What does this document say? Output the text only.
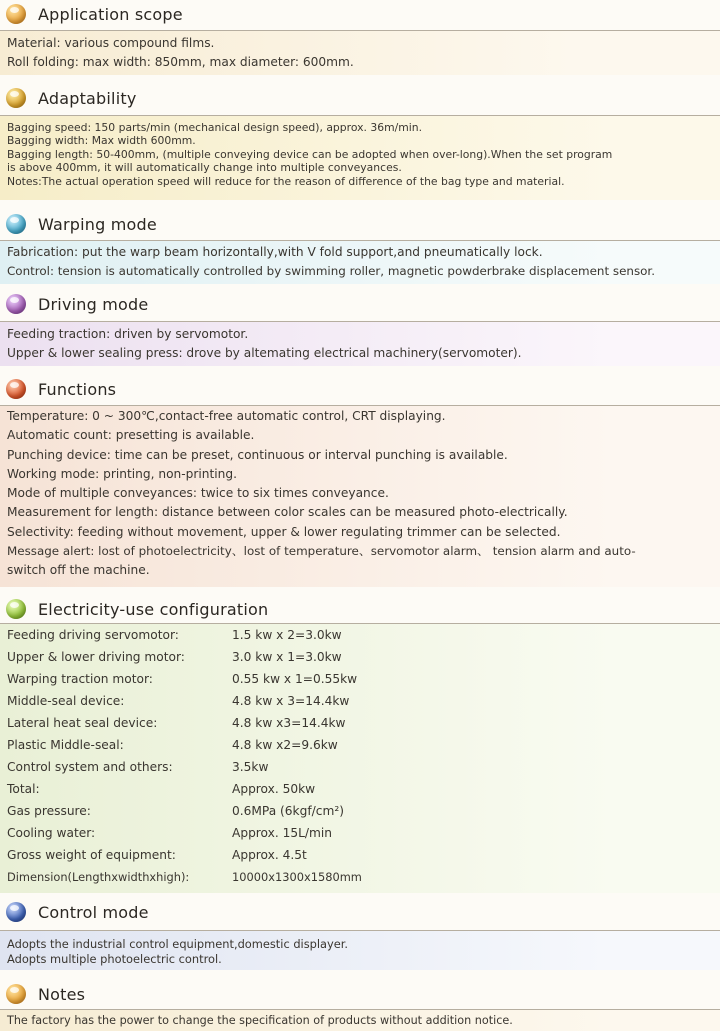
Application scope
Material: various compound films.
Roll folding: max width: 850mm, max diameter: 600mm.
Adaptability
Bagging speed: 150 parts/min (mechanical design speed), approx. 36m/min.
Bagging width: Max width 600mm.
Bagging length: 50-400mm, (multiple conveying device can be adopted when over-long).When the set program
is above 400mm, it will automatically change into multiple conveyances.
Notes:The actual operation speed will reduce for the reason of difference of the bag type and material.
Warping mode
Fabrication: put the warp beam horizontally,with V fold support,and pneumatically lock.
Control: tension is automatically controlled by swimming roller, magnetic powderbrake displacement sensor.
Driving mode
Feeding traction: driven by servomotor.
Upper & lower sealing press: drove by altemating electrical machinery(servomoter).
Functions
Temperature: 0 ~ 300℃,contact-free automatic control, CRT displaying.
Automatic count: presetting is available.
Punching device: time can be preset, continuous or interval punching is available.
Working mode: printing, non-printing.
Mode of multiple conveyances: twice to six times conveyance.
Measurement for length: distance between color scales can be measured photo-electrically.
Selectivity: feeding without movement, upper & lower regulating trimmer can be selected.
Message alert: lost of photoelectricity、lost of temperature、servomotor alarm、 tension alarm and auto-
switch off the machine.
Electricity-use configuration
Feeding driving servomotor:	1.5 kw x 2=3.0kw
Upper & lower driving motor:	3.0 kw x 1=3.0kw
Warping traction motor:	0.55 kw x 1=0.55kw
Middle-seal device:	4.8 kw x 3=14.4kw
Lateral heat seal device:	4.8 kw x3=14.4kw
Plastic Middle-seal:	4.8 kw x2=9.6kw
Control system and others:	3.5kw
Total:	Approx. 50kw
Gas pressure:	0.6MPa (6kgf/cm²)
Cooling water:	Approx. 15L/min
Gross weight of equipment:	Approx. 4.5t
Dimension(Lengthxwidthxhigh):	10000x1300x1580mm
Control mode
Adopts the industrial control equipment,domestic displayer.
Adopts multiple photoelectric control.
Notes
The factory has the power to change the specification of products without addition notice.
